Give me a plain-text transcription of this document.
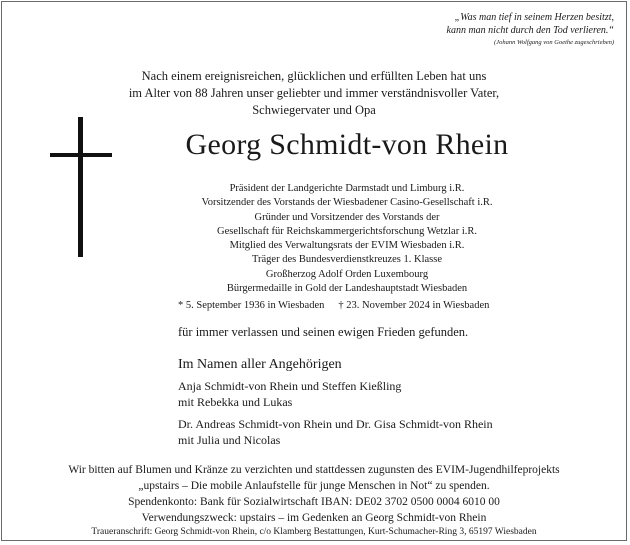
„Was man tief in seinem Herzen besitzt,
kann man nicht durch den Tod verlieren.“
(Johann Wolfgang von Goethe zugeschrieben)
Nach einem ereignisreichen, glücklichen und erfüllten Leben hat uns
im Alter von 88 Jahren unser geliebter und immer verständnisvoller Vater,
Schwiegervater und Opa
Georg Schmidt-von Rhein
Präsident der Landgerichte Darmstadt und Limburg i.R.
Vorsitzender des Vorstands der Wiesbadener Casino-Gesellschaft i.R.
Gründer und Vorsitzender des Vorstands der
Gesellschaft für Reichskammergerichtsforschung Wetzlar i.R.
Mitglied des Verwaltungsrats der EVIM Wiesbaden i.R.
Träger des Bundesverdienstkreuzes 1. Klasse
Großherzog Adolf Orden Luxembourg
Bürgermedaille in Gold der Landeshauptstadt Wiesbaden
* 5. September 1936 in Wiesbaden † 23. November 2024 in Wiesbaden
für immer verlassen und seinen ewigen Frieden gefunden.
Im Namen aller Angehörigen
Anja Schmidt-von Rhein und Steffen Kießling
mit Rebekka und Lukas
Dr. Andreas Schmidt-von Rhein und Dr. Gisa Schmidt-von Rhein
mit Julia und Nicolas
Wir bitten auf Blumen und Kränze zu verzichten und stattdessen zugunsten des EVIM-Jugendhilfeprojekts
„upstairs – Die mobile Anlaufstelle für junge Menschen in Not“ zu spenden.
Spendenkonto: Bank für Sozialwirtschaft IBAN: DE02 3702 0500 0004 6010 00
Verwendungszweck: upstairs – im Gedenken an Georg Schmidt-von Rhein
Traueranschrift: Georg Schmidt-von Rhein, c/o Klamberg Bestattungen, Kurt-Schumacher-Ring 3, 65197 Wiesbaden
